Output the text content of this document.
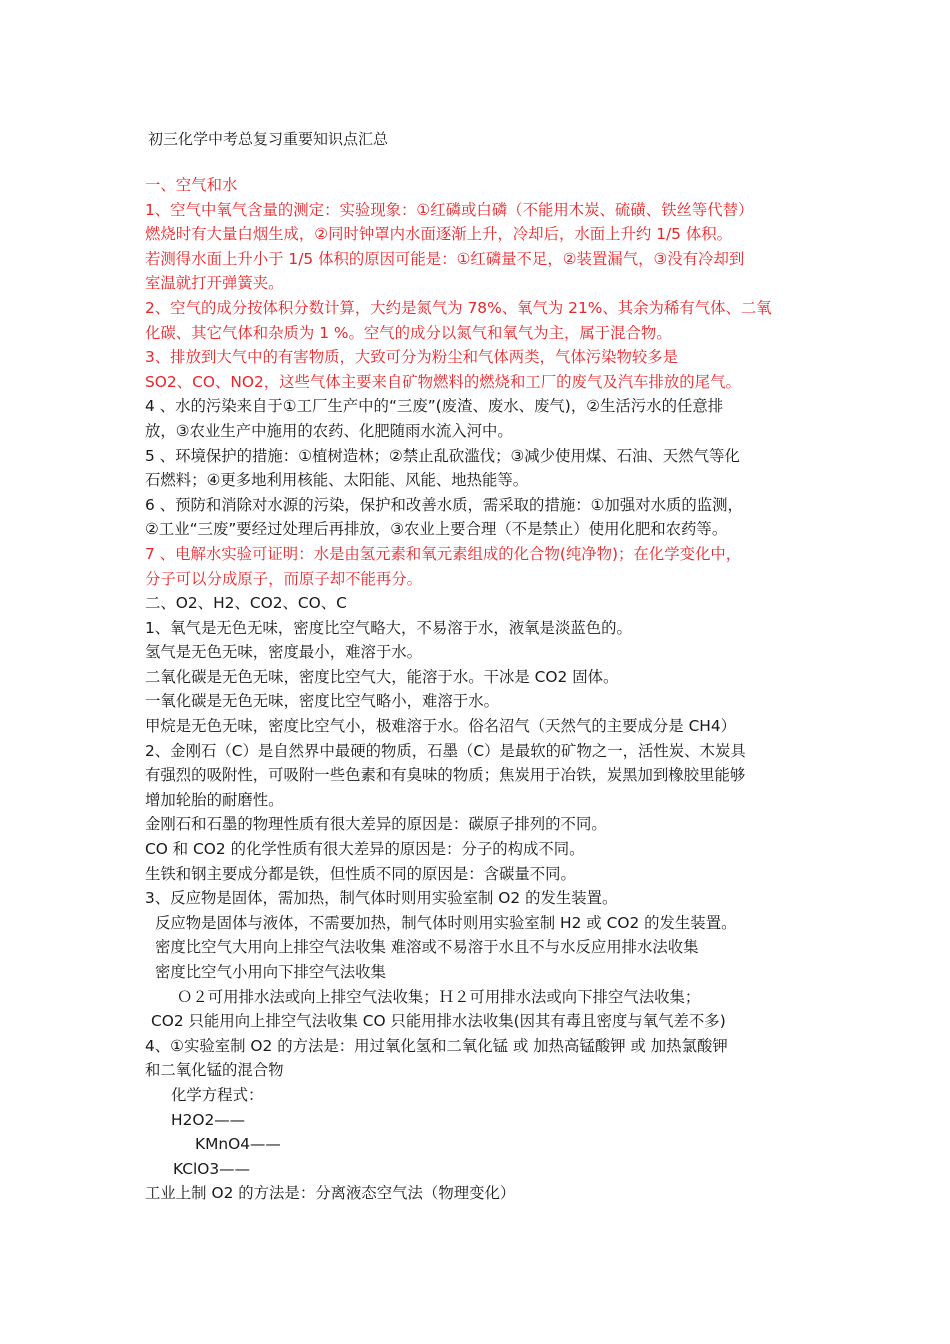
初三化学中考总复习重要知识点汇总
一、空气和水
1、空气中氧气含量的测定：实验现象：①红磷或白磷（不能用木炭、硫磺、铁丝等代替）
燃烧时有大量白烟生成，②同时钟罩内水面逐渐上升，冷却后，水面上升约 1/5 体积。
若测得水面上升小于 1/5 体积的原因可能是：①红磷量不足，②装置漏气，③没有冷却到
室温就打开弹簧夹。
2、空气的成分按体积分数计算，大约是氮气为 78%、氧气为 21%、其余为稀有气体、二氧
化碳、其它气体和杂质为 1 %。空气的成分以氮气和氧气为主，属于混合物。
3、排放到大气中的有害物质，大致可分为粉尘和气体两类，气体污染物较多是
SO2、CO、NO2，这些气体主要来自矿物燃料的燃烧和工厂的废气及汽车排放的尾气。
4 、水的污染来自于①工厂生产中的“三废”(废渣、废水、废气)，②生活污水的任意排
放，③农业生产中施用的农药、化肥随雨水流入河中。
5 、环境保护的措施：①植树造林；②禁止乱砍滥伐；③减少使用煤、石油、天然气等化
石燃料；④更多地利用核能、太阳能、风能、地热能等。
6 、预防和消除对水源的污染，保护和改善水质，需采取的措施：①加强对水质的监测，
②工业“三废”要经过处理后再排放，③农业上要合理（不是禁止）使用化肥和农药等。
7 、电解水实验可证明：水是由氢元素和氧元素组成的化合物(纯净物)；在化学变化中，
分子可以分成原子，而原子却不能再分。
二、O2、H2、CO2、CO、C
1、氧气是无色无味，密度比空气略大，不易溶于水，液氧是淡蓝色的。
氢气是无色无味，密度最小，难溶于水。
二氧化碳是无色无味，密度比空气大，能溶于水。干冰是 CO2 固体。
一氧化碳是无色无味，密度比空气略小，难溶于水。
甲烷是无色无味，密度比空气小，极难溶于水。俗名沼气（天然气的主要成分是 CH4）
2、金刚石（C）是自然界中最硬的物质，石墨（C）是最软的矿物之一，活性炭、木炭具
有强烈的吸附性，可吸附一些色素和有臭味的物质；焦炭用于冶铁，炭黑加到橡胶里能够
增加轮胎的耐磨性。
金刚石和石墨的物理性质有很大差异的原因是：碳原子排列的不同。
CO 和 CO2 的化学性质有很大差异的原因是：分子的构成不同。
生铁和钢主要成分都是铁，但性质不同的原因是：含碳量不同。
3、反应物是固体，需加热，制气体时则用实验室制 O2 的发生装置。
反应物是固体与液体，不需要加热，制气体时则用实验室制 H2 或 CO2 的发生装置。
密度比空气大用向上排空气法收集 难溶或不易溶于水且不与水反应用排水法收集
密度比空气小用向下排空气法收集
Ｏ２可用排水法或向上排空气法收集；Ｈ２可用排水法或向下排空气法收集；
CO2 只能用向上排空气法收集 CO 只能用排水法收集(因其有毒且密度与氧气差不多)
4、①实验室制 O2 的方法是：用过氧化氢和二氧化锰 或 加热高锰酸钾 或 加热氯酸钾
和二氧化锰的混合物
化学方程式：
H2O2——
KMnO4——
KClO3——
工业上制 O2 的方法是：分离液态空气法（物理变化）
